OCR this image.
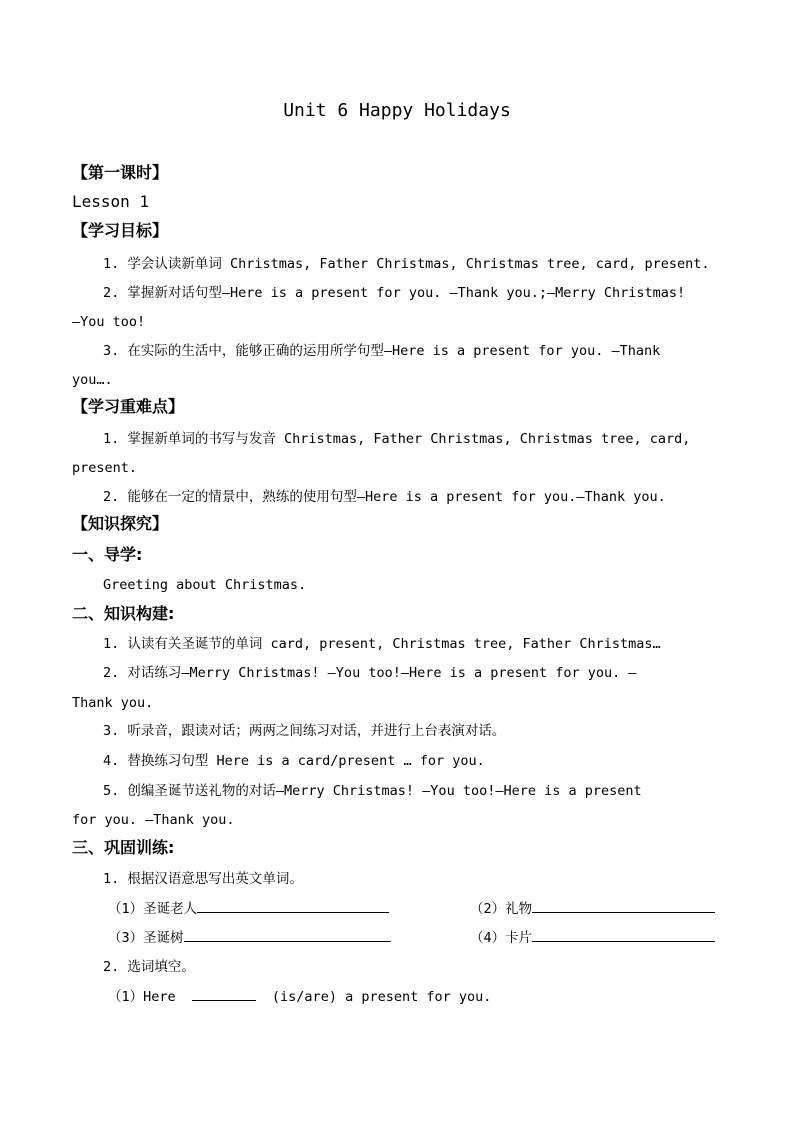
Unit 6 Happy Holidays
【第一课时】
Lesson 1
【学习目标】
1. 学会认读新单词 Christmas, Father Christmas, Christmas tree, card, present.
2. 掌握新对话句型—Here is a present for you. —Thank you.;—Merry Christmas!
—You too!
3. 在实际的生活中，能够正确的运用所学句型—Here is a present for you. —Thank
you….
【学习重难点】
1. 掌握新单词的书写与发音 Christmas, Father Christmas, Christmas tree, card,
present.
2. 能够在一定的情景中，熟练的使用句型—Here is a present for you.—Thank you.
【知识探究】
一、导学:
Greeting about Christmas.
二、知识构建:
1. 认读有关圣诞节的单词 card, present, Christmas tree, Father Christmas…
2. 对话练习—Merry Christmas! —You too!—Here is a present for you. —
Thank you.
3. 听录音，跟读对话；两两之间练习对话，并进行上台表演对话。
4. 替换练习句型 Here is a card/present … for you.
5. 创编圣诞节送礼物的对话—Merry Christmas! —You too!—Here is a present
for you. —Thank you.
三、巩固训练:
1. 根据汉语意思写出英文单词。
（1）圣诞老人	（2）礼物
（3）圣诞树	（4）卡片
2. 选词填空。
（1）Here	(is/are) a present for you.
